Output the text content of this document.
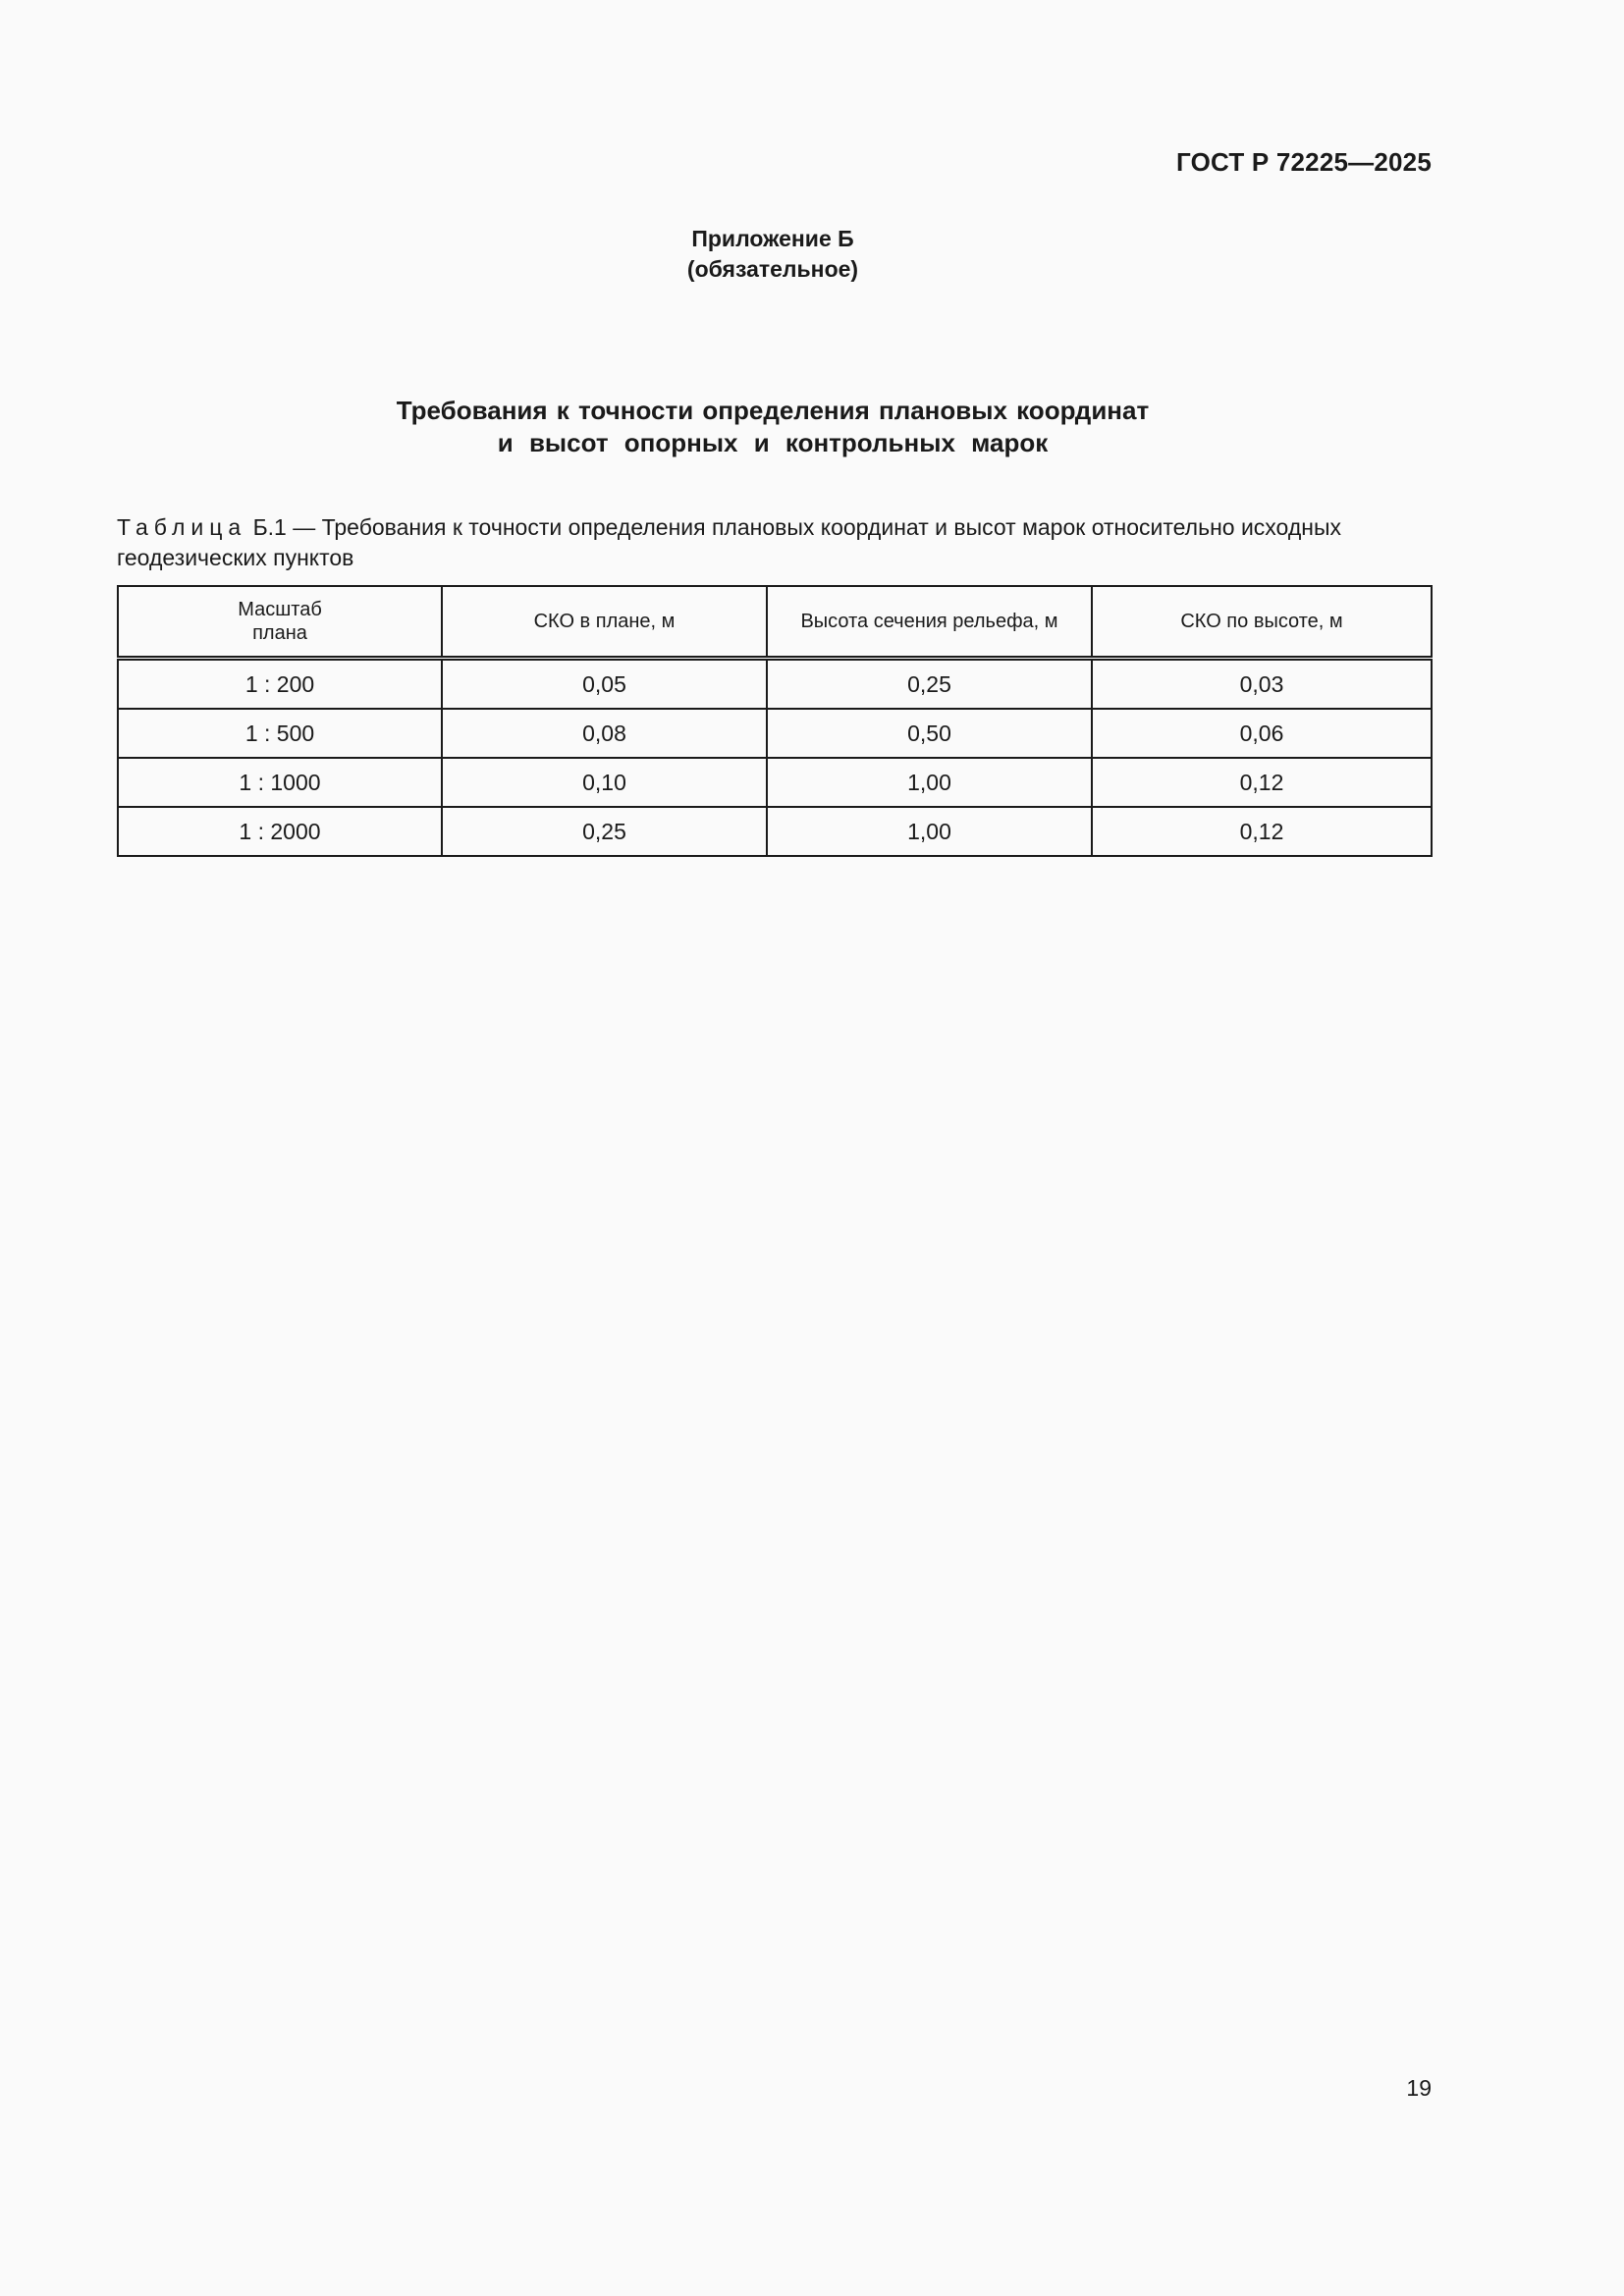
ГОСТ Р 72225—2025
Приложение Б
(обязательное)
Требования к точности определения плановых координат
и высот опорных и контрольных марок
Таблица Б.1 — Требования к точности определения плановых координат и высот марок относительно исходных геодезических пунктов
Масштаб
плана	СКО в плане, м	Высота сечения рельефа, м	СКО по высоте, м
1 : 200	0,05	0,25	0,03
1 : 500	0,08	0,50	0,06
1 : 1000	0,10	1,00	0,12
1 : 2000	0,25	1,00	0,12
19
